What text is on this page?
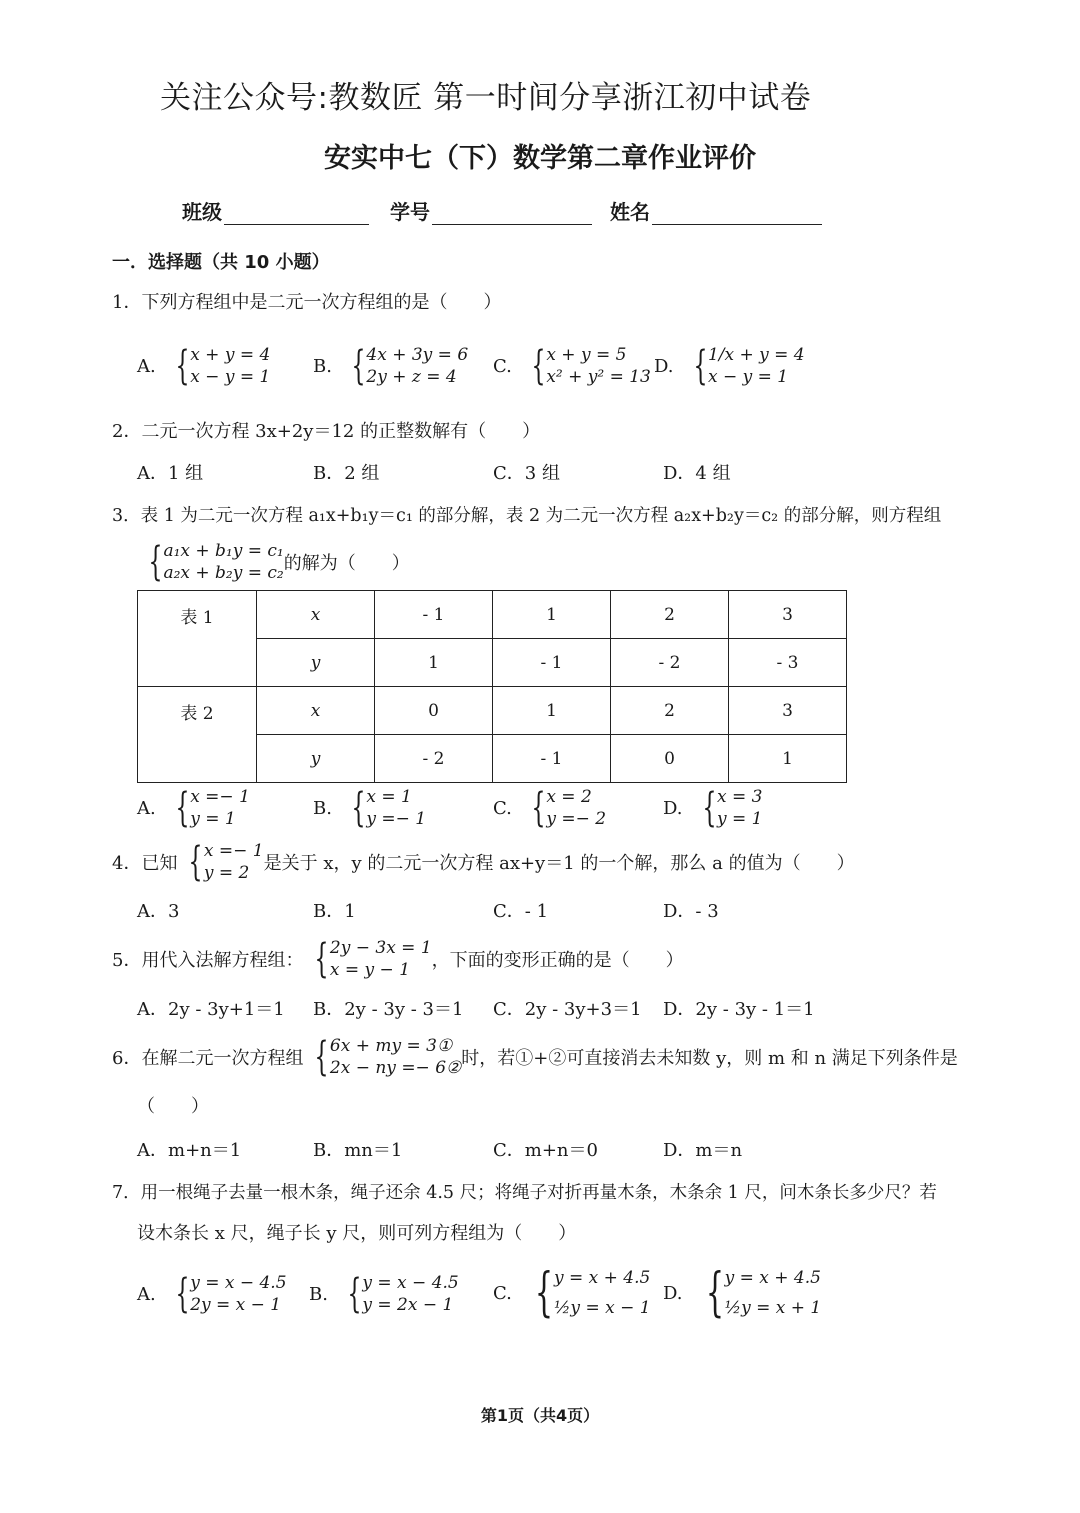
关注公众号:教数匠 第一时间分享浙江初中试卷
安实中七（下）数学第二章作业评价
班级	学号	姓名
一．选择题（共 10 小题）
1．下列方程组中是二元一次方程组的是（　　）
A. { x + y = 4
x − y = 1
B. { 4x + 3y = 6
2y + z = 4
C. { x + y = 5
x² + y² = 13
D. { 1/x + y = 4
x − y = 1
2．二元一次方程 3x+2y＝12 的正整数解有（　　）
A．1 组	B．2 组	C．3 组	D．4 组
3．表 1 为二元一次方程 a₁x+b₁y＝c₁ 的部分解，表 2 为二元一次方程 a₂x+b₂y＝c₂ 的部分解，则方程组
{ a₁x + b₁y = c₁
a₂x + b₂y = c₂ 的解为（　　）
表 1	x	- 1	1	2	3
	y	1	- 1	- 2	- 3
表 2	x	0	1	2	3
	y	- 2	- 1	0	1
A. { x =− 1
y = 1
B. { x = 1
y =− 1
C. { x = 2
y =− 2
D. { x = 3
y = 1
4．已知 { x =− 1
y = 2 是关于 x，y 的二元一次方程 ax+y＝1 的一个解，那么 a 的值为（　　）
A．3	B．1	C．- 1	D．- 3
5．用代入法解方程组： { 2y − 3x = 1
x = y − 1	，下面的变形正确的是（　　）
A．2y - 3y+1＝1 B．2y - 3y - 3＝1 C．2y - 3y+3＝1 D．2y - 3y - 1＝1
6．在解二元一次方程组 { 6x + my = 3①
2x − ny =− 6② 时，若①+②可直接消去未知数 y，则 m 和 n 满足下列条件是
（　　）
A．m+n＝1	B．mn＝1	C．m+n＝0	D．m＝n
7．用一根绳子去量一根木条，绳子还余 4.5 尺；将绳子对折再量木条，木条余 1 尺，问木条长多少尺？若
设木条长 x 尺，绳子长 y 尺，则可列方程组为（　　）
A. { y = x − 4.5
2y = x − 1
B. { y = x − 4.5
y = 2x − 1
C. { y = x + 4.5
½y = x − 1
D. { y = x + 4.5
½y = x + 1
第1页（共4页）
